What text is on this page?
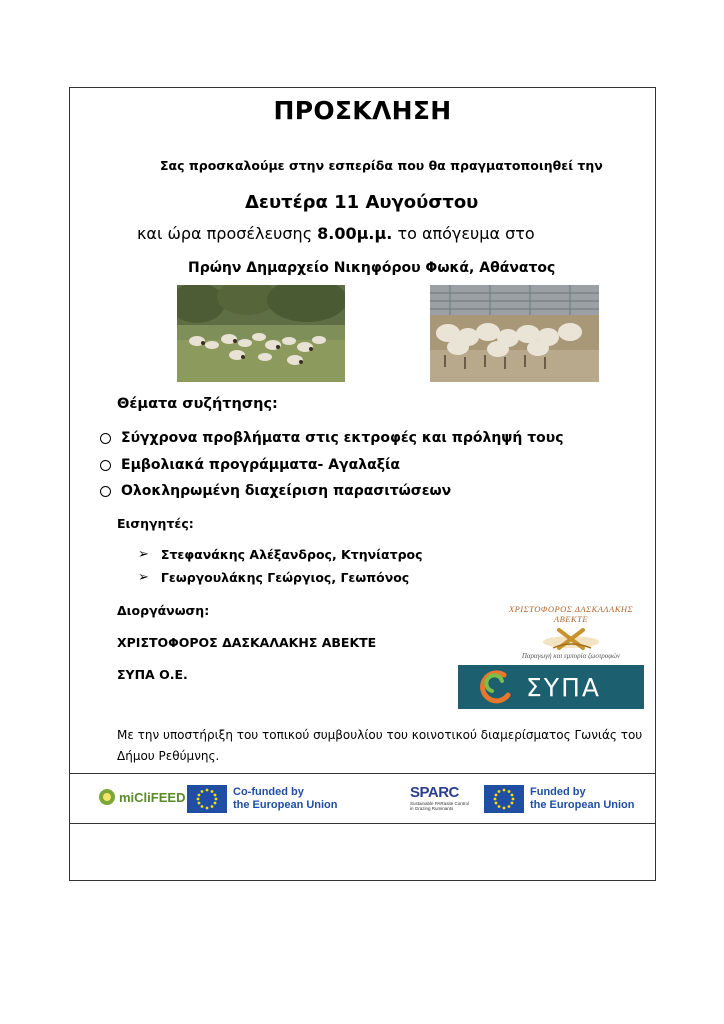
ΠΡΟΣΚΛΗΣΗ
Σας προσκαλούμε στην εσπερίδα που θα πραγματοποιηθεί την
Δευτέρα 11 Αυγούστου
και ώρα προσέλευσης 8.00μ.μ. το απόγευμα στο
Πρώην Δημαρχείο Νικηφόρου Φωκά, Αθάνατος
Θέματα συζήτησης:
Σύγχρονα προβλήματα στις εκτροφές και πρόληψή τους
Εμβολιακά προγράμματα- Αγαλαξία
Ολοκληρωμένη διαχείριση παρασιτώσεων
Εισηγητές:
➢ Στεφανάκης Αλέξανδρος, Κτηνίατρος
➢ Γεωργουλάκης Γεώργιος, Γεωπόνος
Διοργάνωση:
ΧΡΙΣΤΟΦΟΡΟΣ ΔΑΣΚΑΛΑΚΗΣ ΑΒΕΚΤΕ
ΣΥΠΑ Ο.Ε.
ΧΡΙΣΤΟΦΟΡΟΣ ΔΑΣΚΑΛΑΚΗΣ ΑΒΕΚΤΕ
Παραγωγή και εμπορία ζωοτροφών
ΣΥΠΑ
Με την υποστήριξη του τοπικού συμβουλίου του κοινοτικού διαμερίσματος Γωνιάς του Δήμου Ρεθύμνης.
miCliFEED	Co-funded by
the European Union
SPARC
Sustainable PARasite Control
in Grazing Ruminants
Funded by
the European Union
